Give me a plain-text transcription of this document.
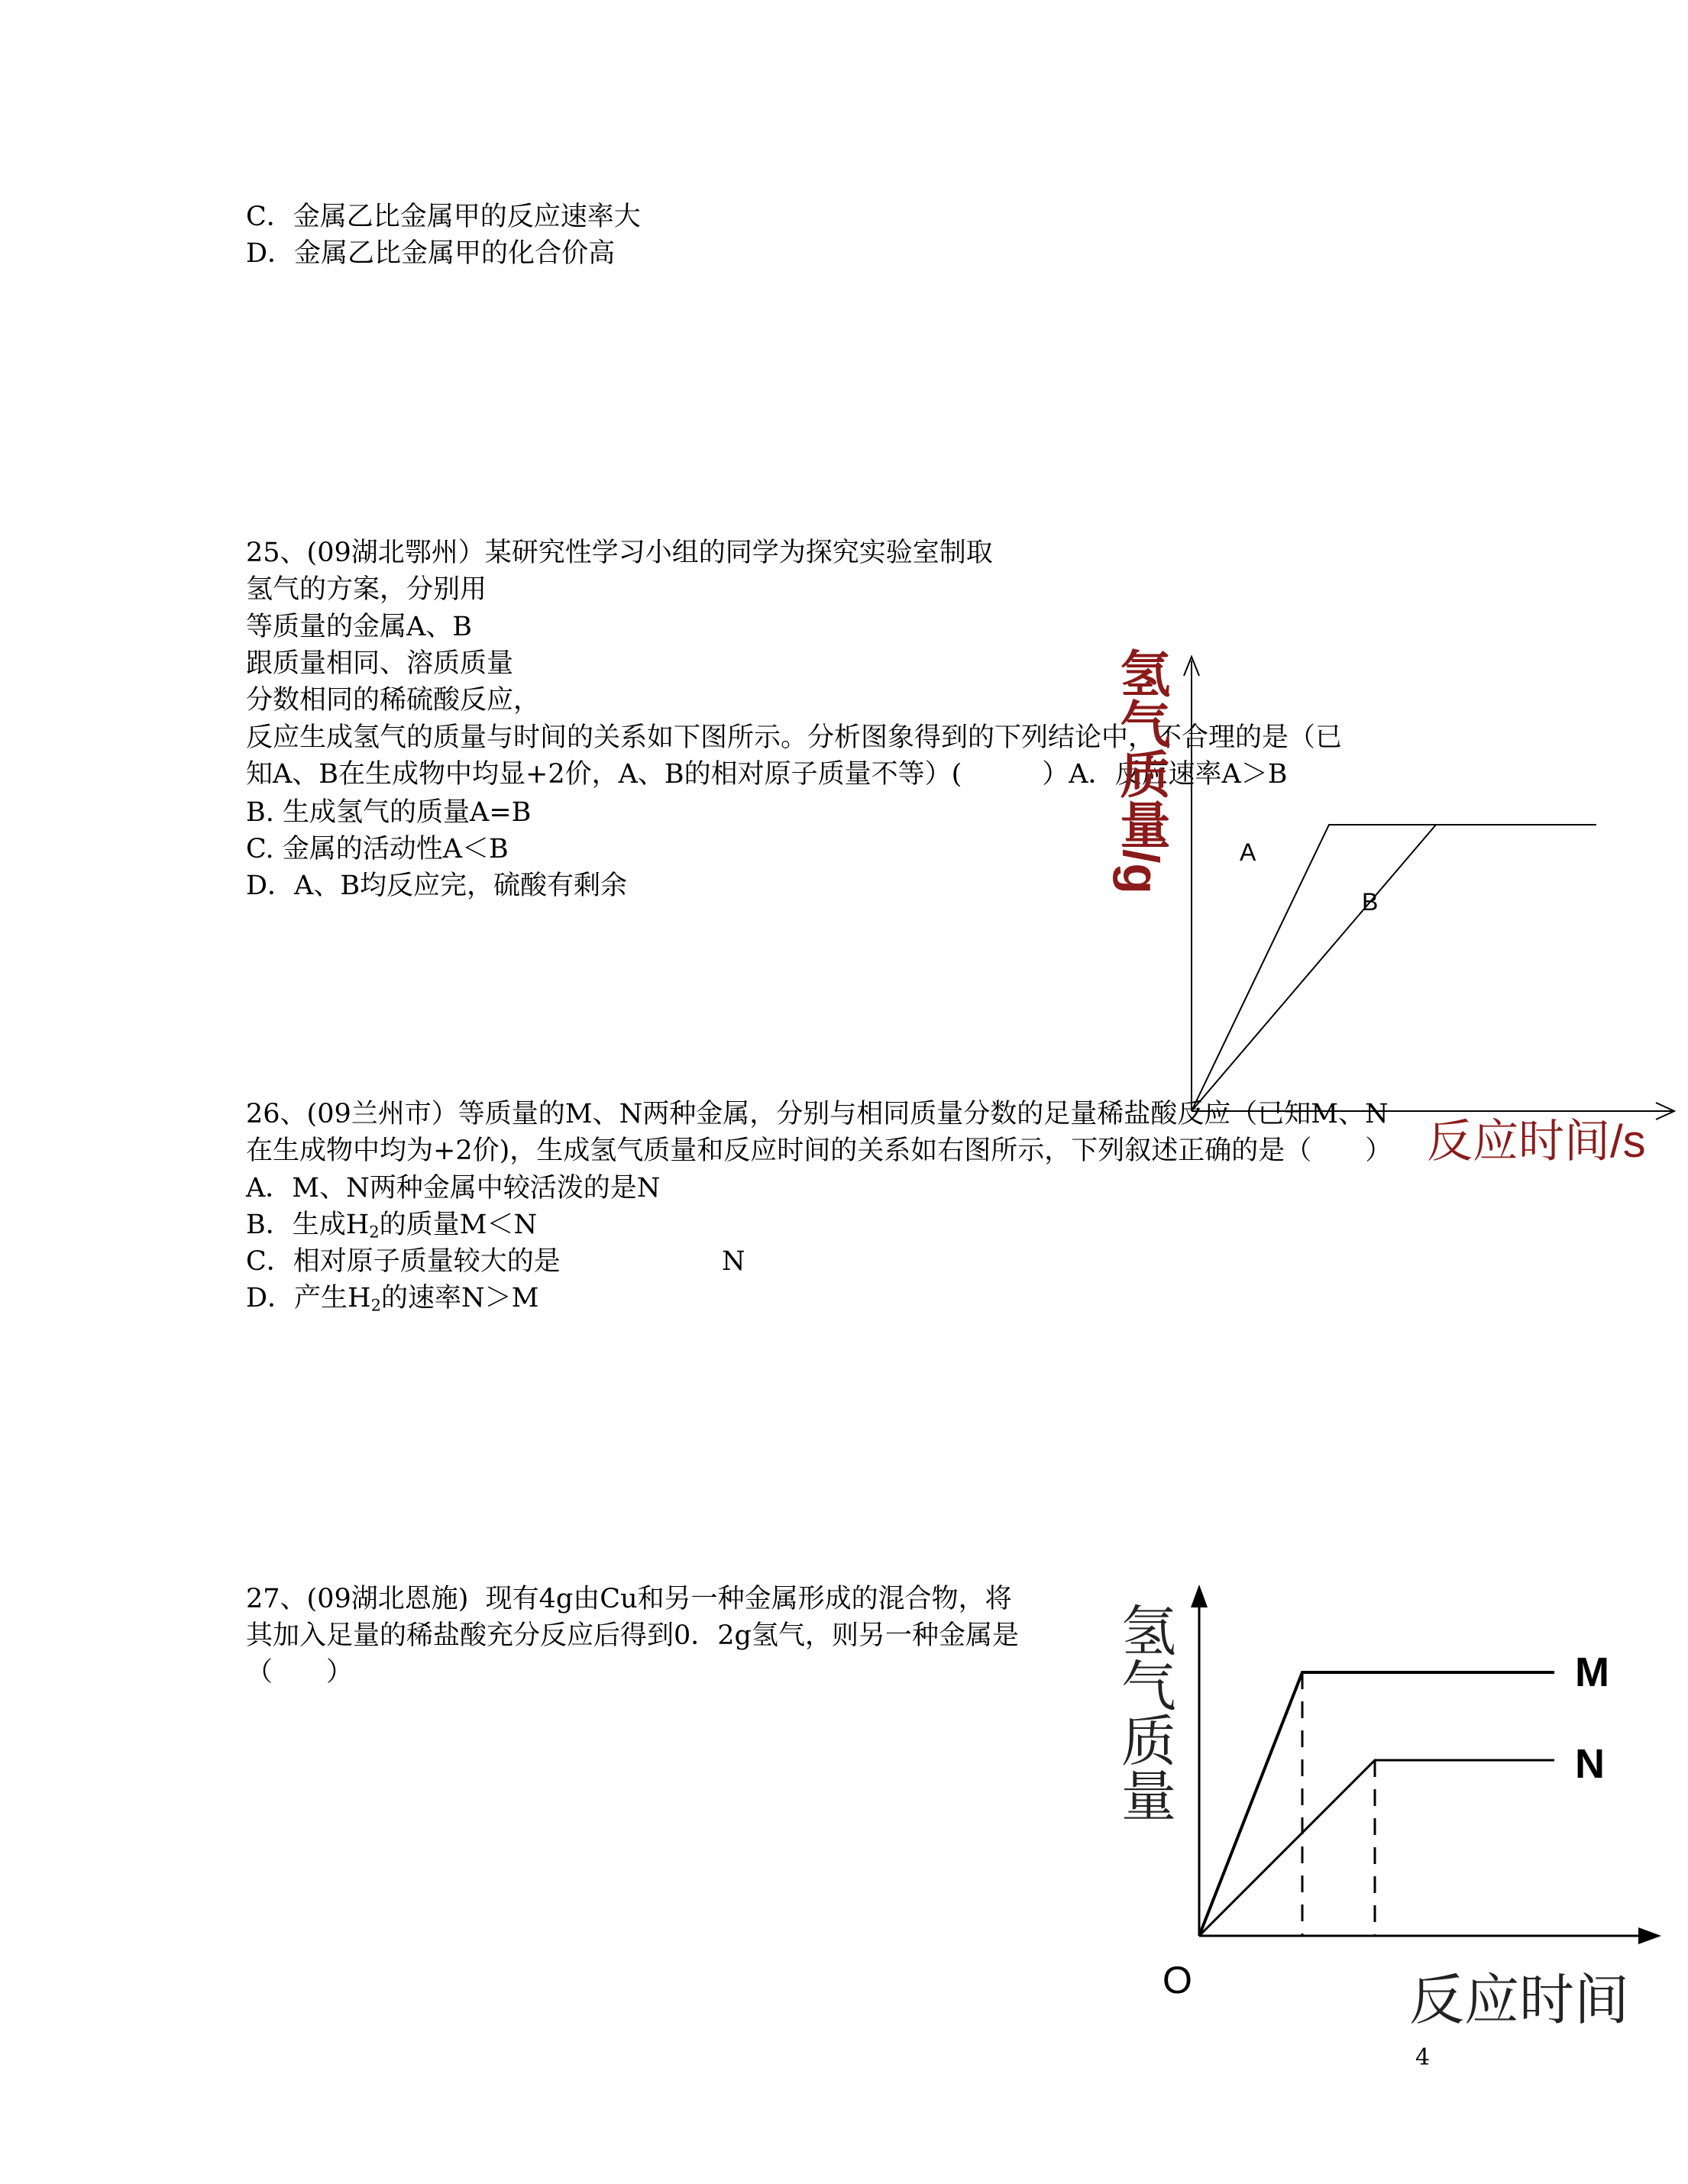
C．金属乙比金属甲的反应速率大
D．金属乙比金属甲的化合价高
25、(09湖北鄂州）某研究性学习小组的同学为探究实验室制取
氢气的方案，分别用
等质量的金属A、B
跟质量相同、溶质质量
分数相同的稀硫酸反应，
反应生成氢气的质量与时间的关系如下图所示。分析图象得到的下列结论中，不合理的是（已
知A、B在生成物中均显+2价，A、B的相对原子质量不等）(　　　）A．反应速率A＞B
B. 生成氢气的质量A=B
C. 金属的活动性A＜B
D．A、B均反应完，硫酸有剩余
A
B
氢气质量/g
反应时间/s
26、(09兰州市）等质量的M、N两种金属，分别与相同质量分数的足量稀盐酸反应（已知M、N
在生成物中均为+2价)，生成氢气质量和反应时间的关系如右图所示，下列叙述正确的是（　　）
A．M、N两种金属中较活泼的是N
B．生成$H_2$的质量M＜N
C．相对原子质量较大的是	N
D．产生$H_2$的速率N＞M
27、(09湖北恩施)  现有4g由Cu和另一种金属形成的混合物，将
其加入足量的稀盐酸充分反应后得到0．2g氢气，则另一种金属是
（　　）	M
N
O
氢气质量
反应时间
4
